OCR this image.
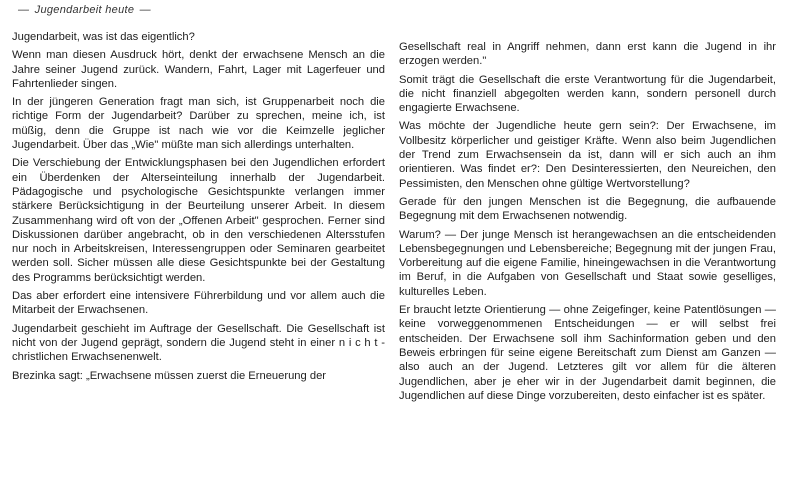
— Jugendarbeit heute —

Jugendarbeit, was ist das eigentlich?

Wenn man diesen Ausdruck hört, denkt der erwachsene Mensch an die Jahre seiner Jugend zurück. Wandern, Fahrt, Lager mit Lagerfeuer und Fahrtenlieder singen.

In der jüngeren Generation fragt man sich, ist Gruppenarbeit noch die richtige Form der Jugendarbeit? Darüber zu sprechen, meine ich, ist müßig, denn die Gruppe ist nach wie vor die Keimzelle jeglicher Jugendarbeit. Über das „Wie" müßte man sich allerdings unterhalten.

Die Verschiebung der Entwicklungsphasen bei den Jugendlichen erfordert ein Überdenken der Alterseinteilung innerhalb der Jugendarbeit. Pädagogische und psychologische Gesichtspunkte verlangen immer stärkere Berücksichtigung in der Beurteilung unserer Arbeit. In diesem Zusammenhang wird oft von der „Offenen Arbeit" gesprochen. Ferner sind Diskussionen darüber angebracht, ob in den verschiedenen Altersstufen nur noch in Arbeitskreisen, Interessengruppen oder Seminaren gearbeitet werden soll. Sicher müssen alle diese Gesichtspunkte bei der Gestaltung des Programms berücksichtigt werden.

Das aber erfordert eine intensivere Führerbildung und vor allem auch die Mitarbeit der Erwachsenen.

Jugendarbeit geschieht im Auftrage der Gesellschaft. Die Gesellschaft ist nicht von der Jugend geprägt, sondern die Jugend steht in einer n i c h t - christlichen Erwachsenenwelt.

Brezinka sagt: „Erwachsene müssen zuerst die Erneuerung der

Gesellschaft real in Angriff nehmen, dann erst kann die Jugend in ihr erzogen werden."

Somit trägt die Gesellschaft die erste Verantwortung für die Jugendarbeit, die nicht finanziell abgegolten werden kann, sondern personell durch engagierte Erwachsene.

Was möchte der Jugendliche heute gern sein?: Der Erwachsene, im Vollbesitz körperlicher und geistiger Kräfte. Wenn also beim Jugendlichen der Trend zum Erwachsensein da ist, dann will er sich auch an ihm orientieren. Was findet er?: Den Desinteressierten, den Neureichen, den Pessimisten, den Menschen ohne gültige Wertvorstellung?

Gerade für den jungen Menschen ist die Begegnung, die aufbauende Begegnung mit dem Erwachsenen notwendig.

Warum? — Der junge Mensch ist herangewachsen an die entscheidenden Lebensbegegnungen und Lebensbereiche; Begegnung mit der jungen Frau, Vorbereitung auf die eigene Familie, hineingewachsen in die Verantwortung im Beruf, in die Aufgaben von Gesellschaft und Staat sowie geselliges, kulturelles Leben.

Er braucht letzte Orientierung — ohne Zeigefinger, keine Patentlösungen — keine vorweggenommenen Entscheidungen — er will selbst frei entscheiden. Der Erwachsene soll ihm Sachinformation geben und den Beweis erbringen für seine eigene Bereitschaft zum Dienst am Ganzen — also auch an der Jugend. Letzteres gilt vor allem für die älteren Jugendlichen, aber je eher wir in der Jugendarbeit damit beginnen, die Jugendlichen auf diese Dinge vorzubereiten, desto einfacher ist es später.
